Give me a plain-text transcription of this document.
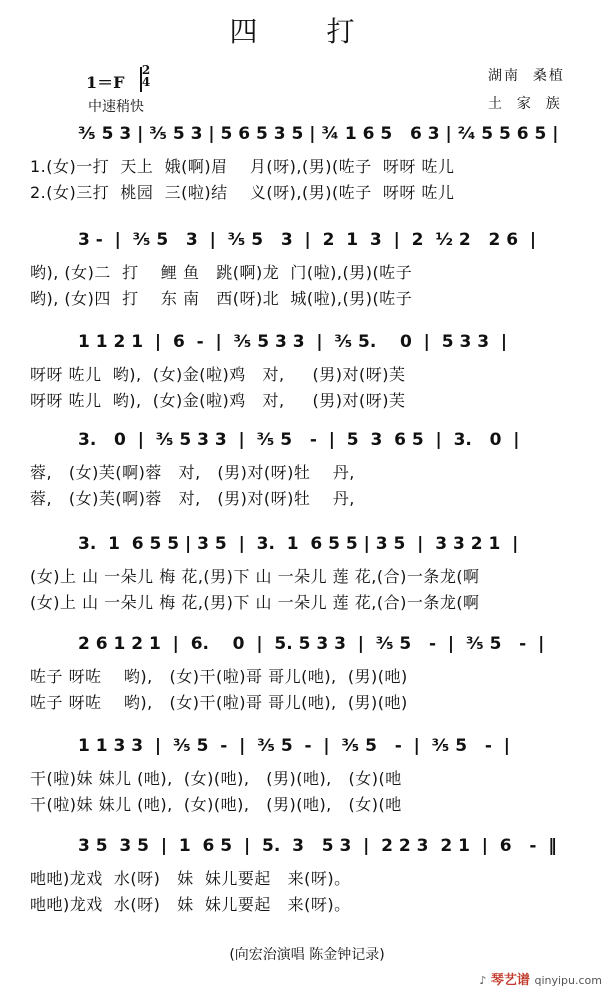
四 打
1＝F
2
4
中速稍快
湖南  桑植
土  家  族
³⁄₅ 5 3 | ³⁄₅ 5 3 | 5 6 5 3 5 | ¾ 1 6 5   6 3 | ²⁄₄ 5 5 6 5 |
1.(女)一打  天上  娥(啊)眉    月(呀),(男)(咗子  呀呀 咗儿
2.(女)三打  桃园  三(啦)结    义(呀),(男)(咗子  呀呀 咗儿
3 -  |  ³⁄₅ 5   3  |  ³⁄₅ 5   3  |  2  1  3  |  2  ¹⁄₂ 2   2 6  |
哟), (女)二  打    鲤 鱼   跳(啊)龙  门(啦),(男)(咗子
哟), (女)四  打    东 南   西(呀)北  城(啦),(男)(咗子
1 1 2 1  |  6  -  |  ³⁄₅ 5 3 3  |  ³⁄₅ 5.    0  |  5 3 3  |
呀呀 咗儿  哟),  (女)金(啦)鸡   对,     (男)对(呀)芙
呀呀 咗儿  哟),  (女)金(啦)鸡   对,     (男)对(呀)芙
3.   0  |  ³⁄₅ 5 3 3  |  ³⁄₅ 5   -  |  5  3  6 5  |  3.   0  |
蓉,   (女)芙(啊)蓉   对,   (男)对(呀)牡    丹,
蓉,   (女)芙(啊)蓉   对,   (男)对(呀)牡    丹,
3.  1  6 5 5 | 3 5  |  3.  1  6 5 5 | 3 5  |  3 3 2 1  |
(女)上 山 一朵儿 梅 花,(男)下 山 一朵儿 莲 花,(合)一条龙(啊
(女)上 山 一朵儿 梅 花,(男)下 山 一朵儿 莲 花,(合)一条龙(啊
2 6 1 2 1  |  6.    0  |  5. 5 3 3  |  ³⁄₅ 5   -  |  ³⁄₅ 5   -  |
咗子 呀咗    哟),   (女)干(啦)哥 哥儿(吔),  (男)(吔)
咗子 呀咗    哟),   (女)干(啦)哥 哥儿(吔),  (男)(吔)
1 1 3 3  |  ³⁄₅ 5  -  |  ³⁄₅ 5  -  |  ³⁄₅ 5   -  |  ³⁄₅ 5   -  |
干(啦)妹 妹儿 (吔),  (女)(吔),   (男)(吔),   (女)(吔
干(啦)妹 妹儿 (吔),  (女)(吔),   (男)(吔),   (女)(吔
3 5  3 5  |  1  6 5  |  5.  3   5 3  |  2 2 3  2 1  |  6   -  ‖
吔吔)龙戏  水(呀)   妹  妹儿要起   来(呀)。
吔吔)龙戏  水(呀)   妹  妹儿要起   来(呀)。
(向宏治演唱 陈金钟记录)
♪ 琴艺谱 qinyipu.com
